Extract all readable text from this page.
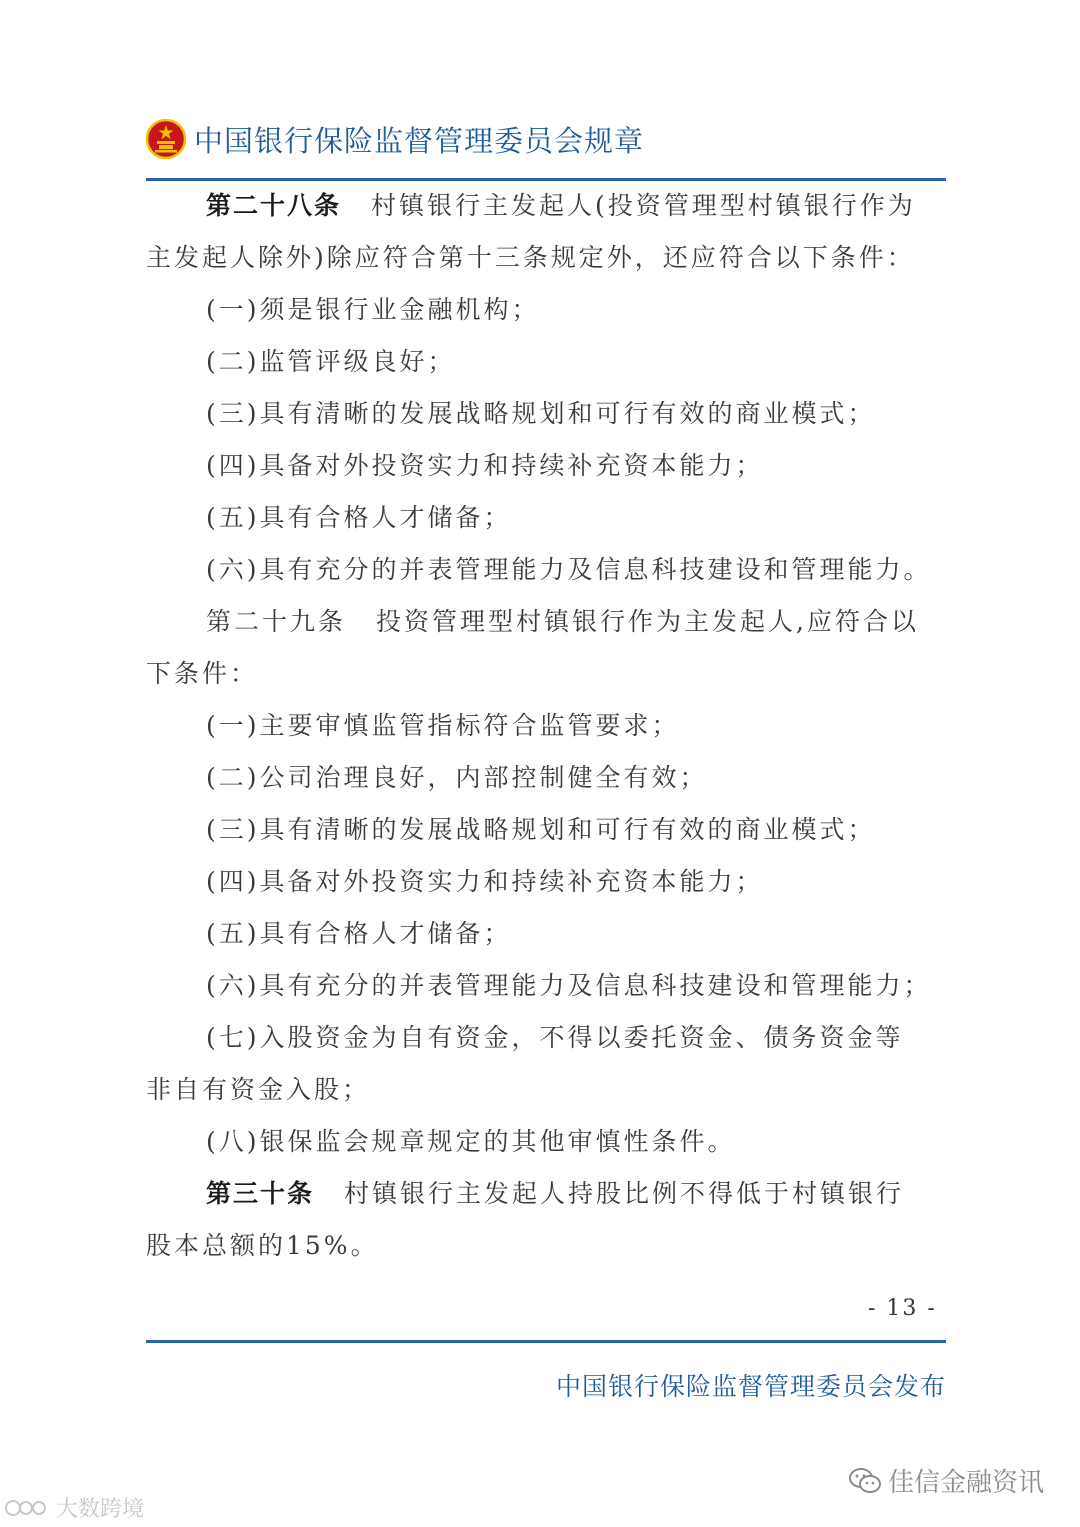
中国银行保险监督管理委员会规章
第二十八条 村镇银行主发起人(投资管理型村镇银行作为
主发起人除外)除应符合第十三条规定外，还应符合以下条件：
(一)须是银行业金融机构；
(二)监管评级良好；
(三)具有清晰的发展战略规划和可行有效的商业模式；
(四)具备对外投资实力和持续补充资本能力；
(五)具有合格人才储备；
(六)具有充分的并表管理能力及信息科技建设和管理能力。
第二十九条 投资管理型村镇银行作为主发起人,应符合以
下条件：
(一)主要审慎监管指标符合监管要求；
(二)公司治理良好，内部控制健全有效；
(三)具有清晰的发展战略规划和可行有效的商业模式；
(四)具备对外投资实力和持续补充资本能力；
(五)具有合格人才储备；
(六)具有充分的并表管理能力及信息科技建设和管理能力；
(七)入股资金为自有资金，不得以委托资金、债务资金等
非自有资金入股；
(八)银保监会规章规定的其他审慎性条件。
第三十条 村镇银行主发起人持股比例不得低于村镇银行
股本总额的15%。
- 13 -
中国银行保险监督管理委员会发布
佳信金融资讯
大数跨境
